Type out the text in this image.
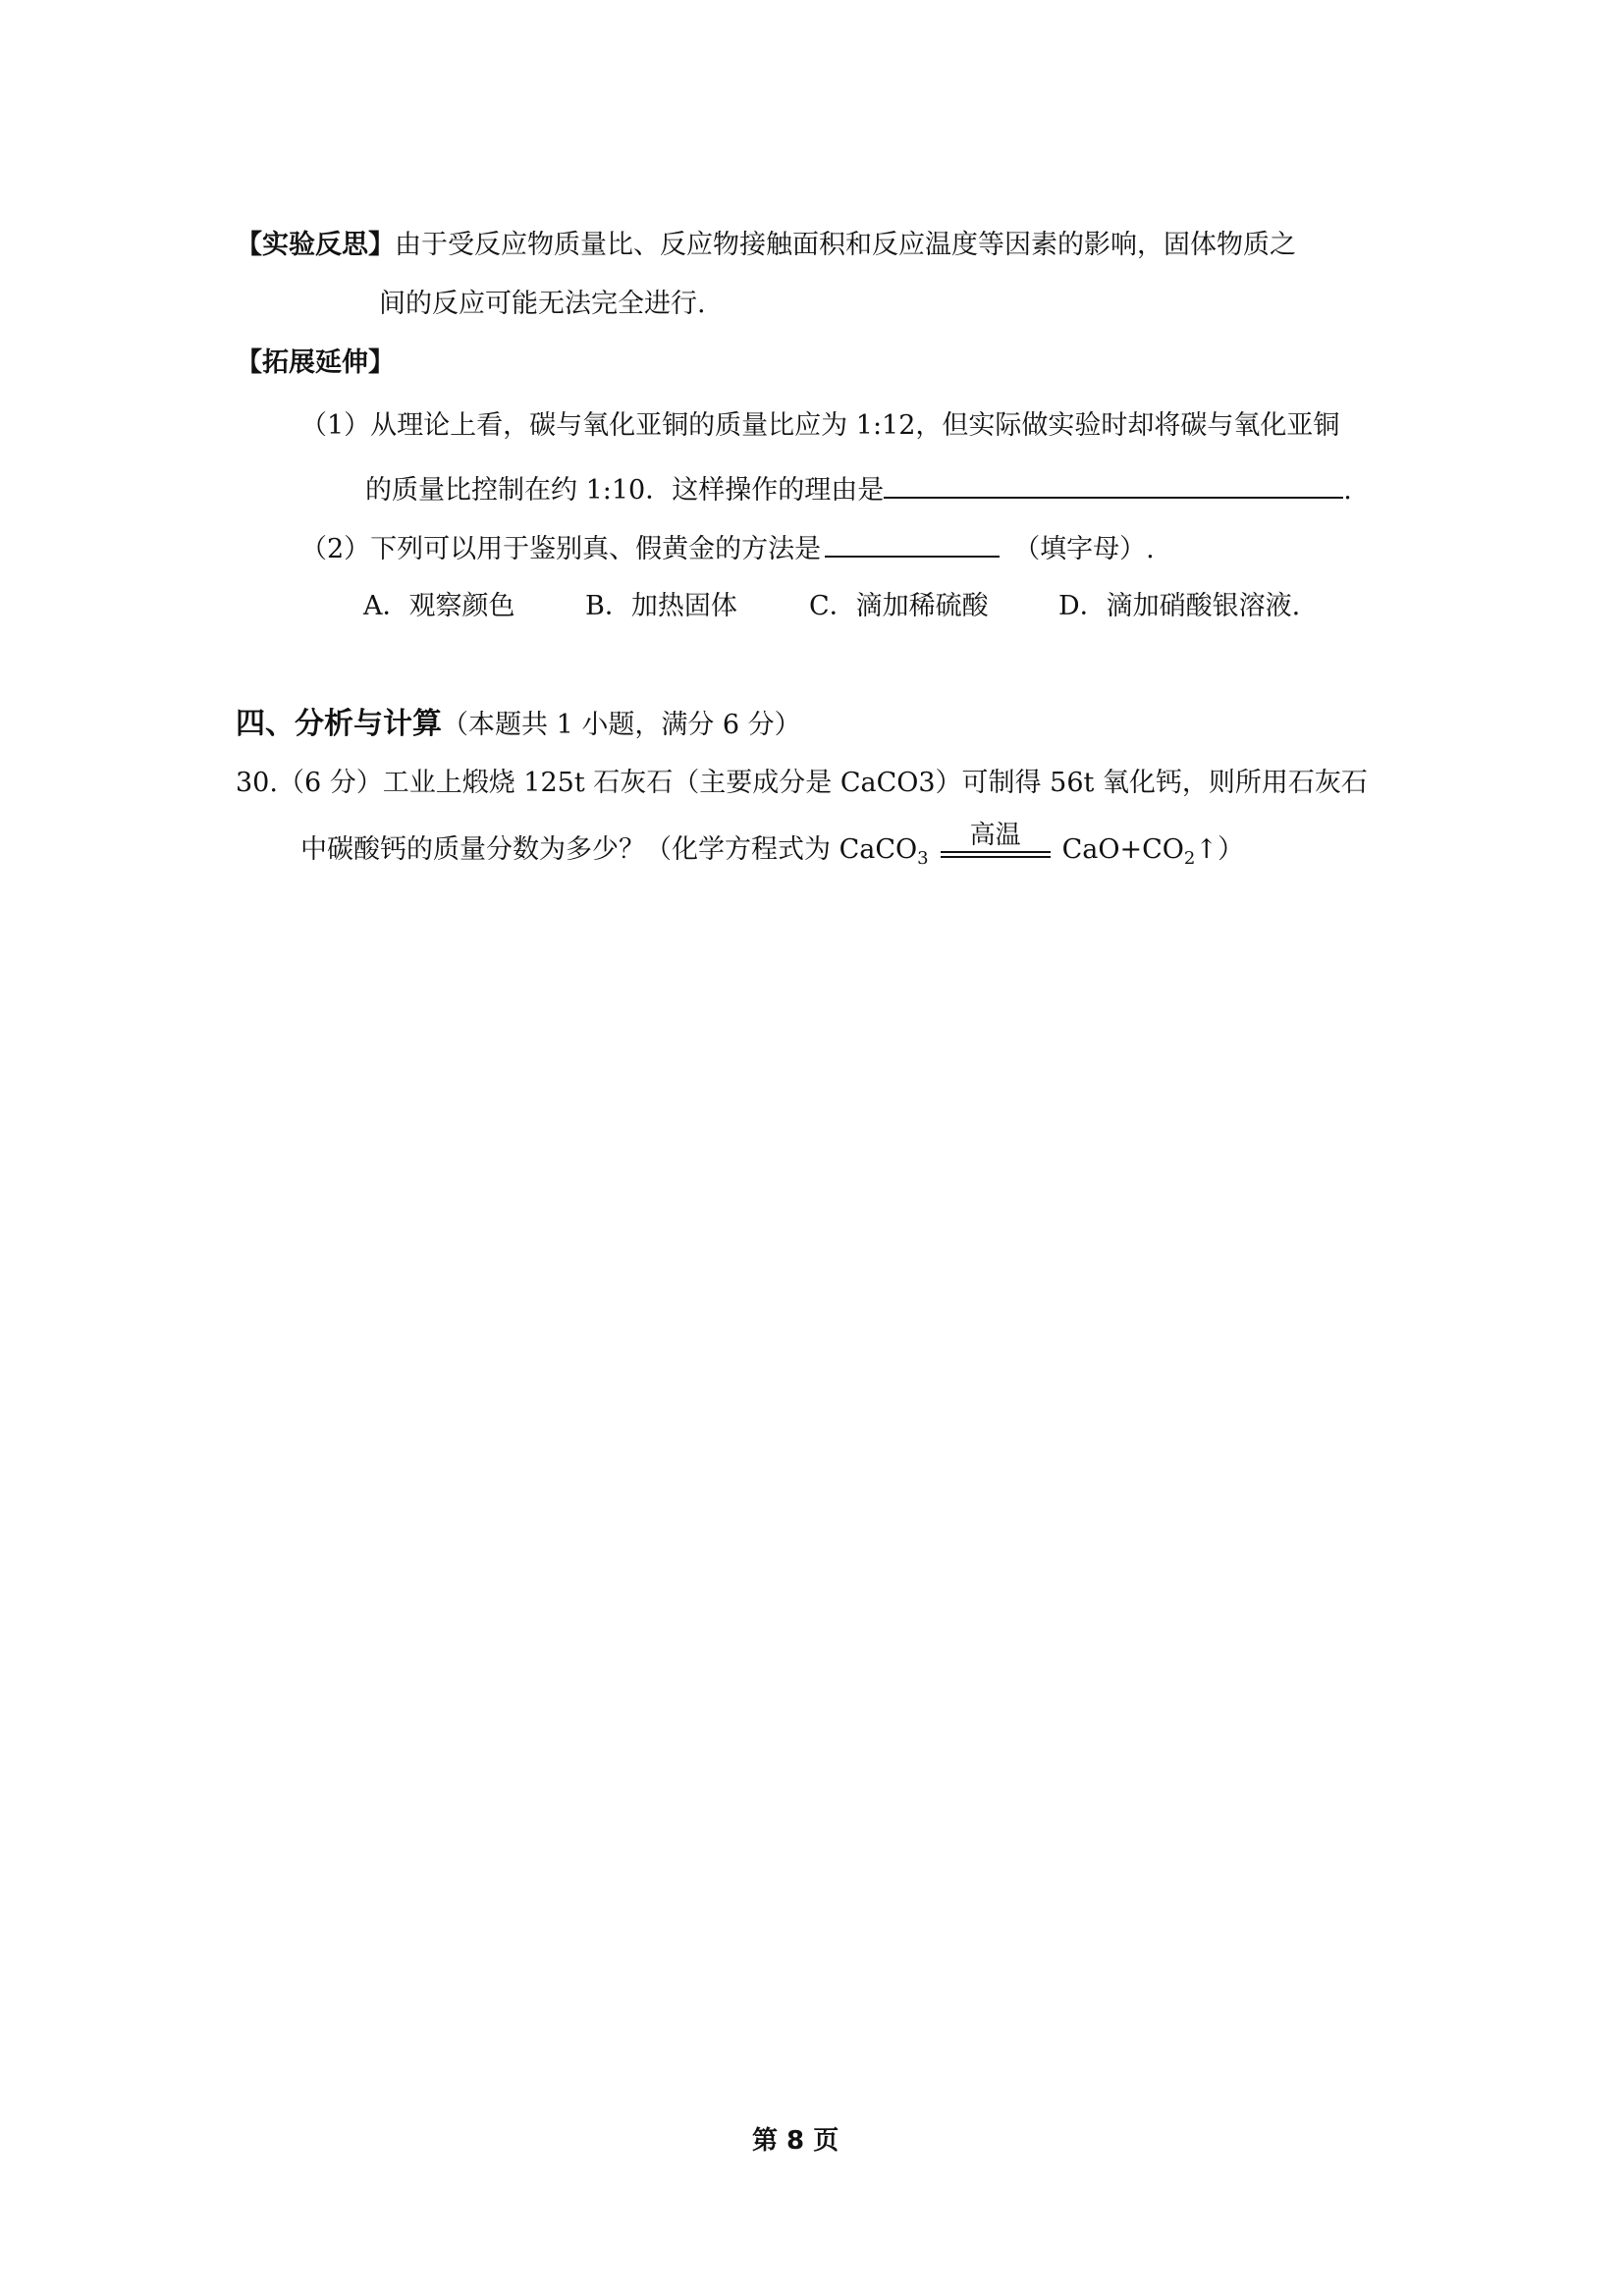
【实验反思】由于受反应物质量比、反应物接触面积和反应温度等因素的影响，固体物质之
间的反应可能无法完全进行.
【拓展延伸】
（1）从理论上看，碳与氧化亚铜的质量比应为 1:12，但实际做实验时却将碳与氧化亚铜
的质量比控制在约 1:10．这样操作的理由是	.
（2）下列可以用于鉴别真、假黄金的方法是	（填字母）.
A．观察颜色	B．加热固体	C．滴加稀硫酸	D．滴加硝酸银溶液.
四、分析与计算（本题共 1 小题，满分 6 分）
30.（6 分）工业上煅烧 125t 石灰石（主要成分是 CaCO3）可制得 56t 氧化钙，则所用石灰石
中碳酸钙的质量分数为多少？（化学方程式为 CaCO$_3$
高温	$CaO+CO_2↑$）
第 8 页
